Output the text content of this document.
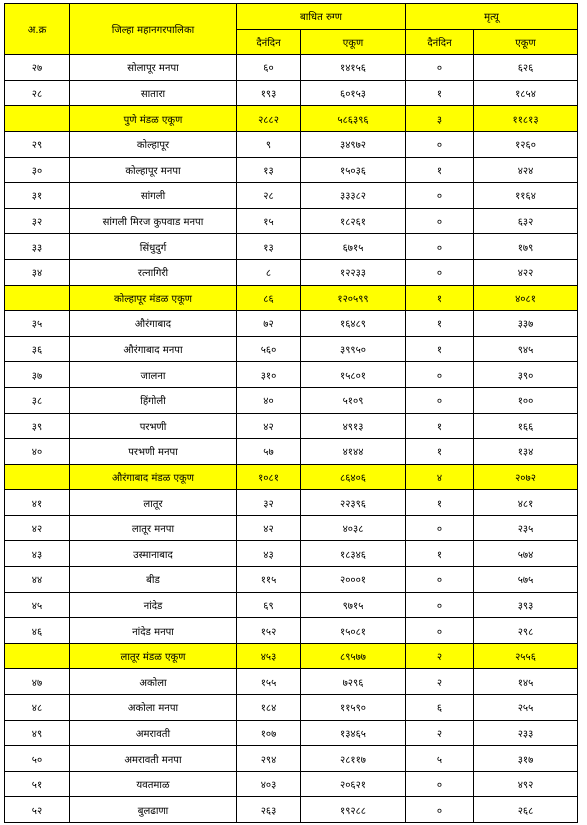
अ.क्र	जिल्हा महानगरपालिका	बाधित रुग्ण		मृत्यू	
		दैनंदिन	एकूण	दैनंदिन	एकूण
२७	सोलापूर मनपा	६०	१४१५६	०	६२६
२८	सातारा	१९३	६०१५३	१	१८५४
	पुणे मंडळ एकूण	२८८२	५८६३९६	३	११८१३
२९	कोल्हापूर	९	३४९७२	०	१२६०
३०	कोल्हापूर मनपा	१३	१५०३६	१	४२४
३१	सांगली	२८	३३३८२	०	११६४
३२	सांगली मिरज कुपवाड मनपा	१५	१८२६१	०	६३२
३३	सिंधुदुर्ग	१३	६७१५	०	१७९
३४	रत्नागिरी	८	१२२३३	०	४२२
	कोल्हापूर मंडळ एकूण	८६	१२०५९९	१	४०८१
३५	औरंगाबाद	७२	१६४८९	१	३३७
३६	औरंगाबाद मनपा	५६०	३९९५०	१	९४५
३७	जालना	३१०	१५८०१	०	३९०
३८	हिंगोली	४०	५१०९	०	१००
३९	परभणी	४२	४९१३	१	१६६
४०	परभणी मनपा	५७	४१४४	१	१३४
	औरंगाबाद मंडळ एकूण	१०८१	८६४०६	४	२०७२
४१	लातूर	३२	२२३९६	१	४८१
४२	लातूर मनपा	४२	४०३८	०	२३५
४३	उस्मानाबाद	४३	१८३४६	१	५७४
४४	बीड	११५	२०००१	०	५७५
४५	नांदेड	६९	९७१५	०	३९३
४६	नांदेड मनपा	१५२	१५०८१	०	२९८
	लातूर मंडळ एकूण	४५३	८९५७७	२	२५५६
४७	अकोला	१५५	७२९६	२	१४५
४८	अकोला मनपा	१८४	११५९०	६	२५५
४९	अमरावती	१०७	१३४६५	२	२३३
५०	अमरावती मनपा	२९४	२८११७	५	३१७
५१	यवतमाळ	४०३	२०६२१	०	४९२
५२	बुलढाणा	२६३	१९२८८	०	२६८
